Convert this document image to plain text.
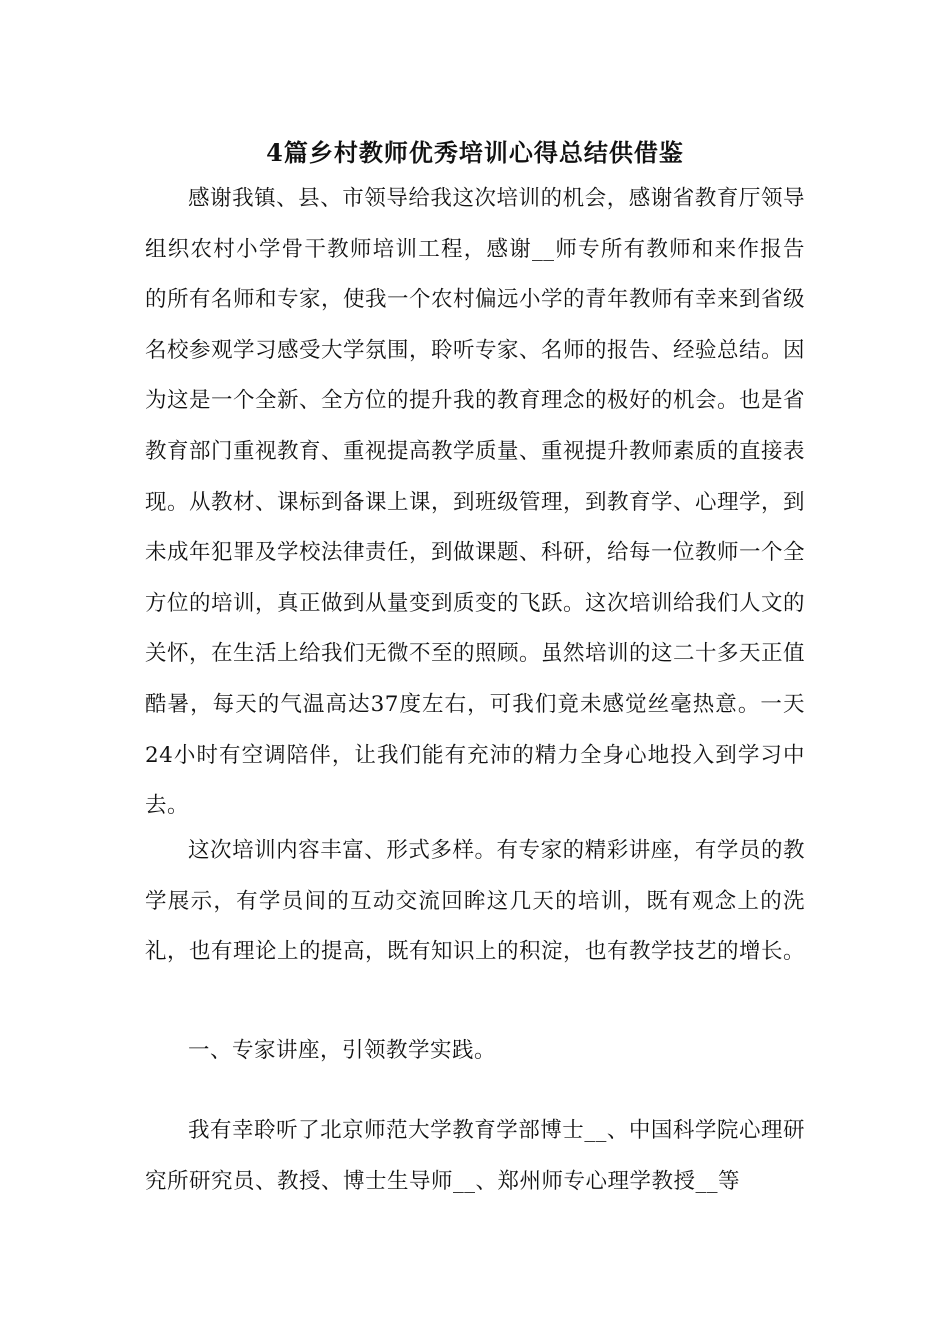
4篇乡村教师优秀培训心得总结供借鉴

感谢我镇、县、市领导给我这次培训的机会，感谢省教育厅领导组织农村小学骨干教师培训工程，感谢__师专所有教师和来作报告的所有名师和专家，使我一个农村偏远小学的青年教师有幸来到省级名校参观学习感受大学氛围，聆听专家、名师的报告、经验总结。因为这是一个全新、全方位的提升我的教育理念的极好的机会。也是省教育部门重视教育、重视提高教学质量、重视提升教师素质的直接表现。从教材、课标到备课上课，到班级管理，到教育学、心理学，到未成年犯罪及学校法律责任，到做课题、科研，给每一位教师一个全方位的培训，真正做到从量变到质变的飞跃。这次培训给我们人文的关怀，在生活上给我们无微不至的照顾。虽然培训的这二十多天正值酷暑，每天的气温高达37度左右，可我们竟未感觉丝毫热意。一天24小时有空调陪伴，让我们能有充沛的精力全身心地投入到学习中去。

这次培训内容丰富、形式多样。有专家的精彩讲座，有学员的教学展示，有学员间的互动交流回眸这几天的培训，既有观念上的洗礼，也有理论上的提高，既有知识上的积淀，也有教学技艺的增长。

一、专家讲座，引领教学实践。

我有幸聆听了北京师范大学教育学部博士__、中国科学院心理研究所研究员、教授、博士生导师__、郑州师专心理学教授__等
